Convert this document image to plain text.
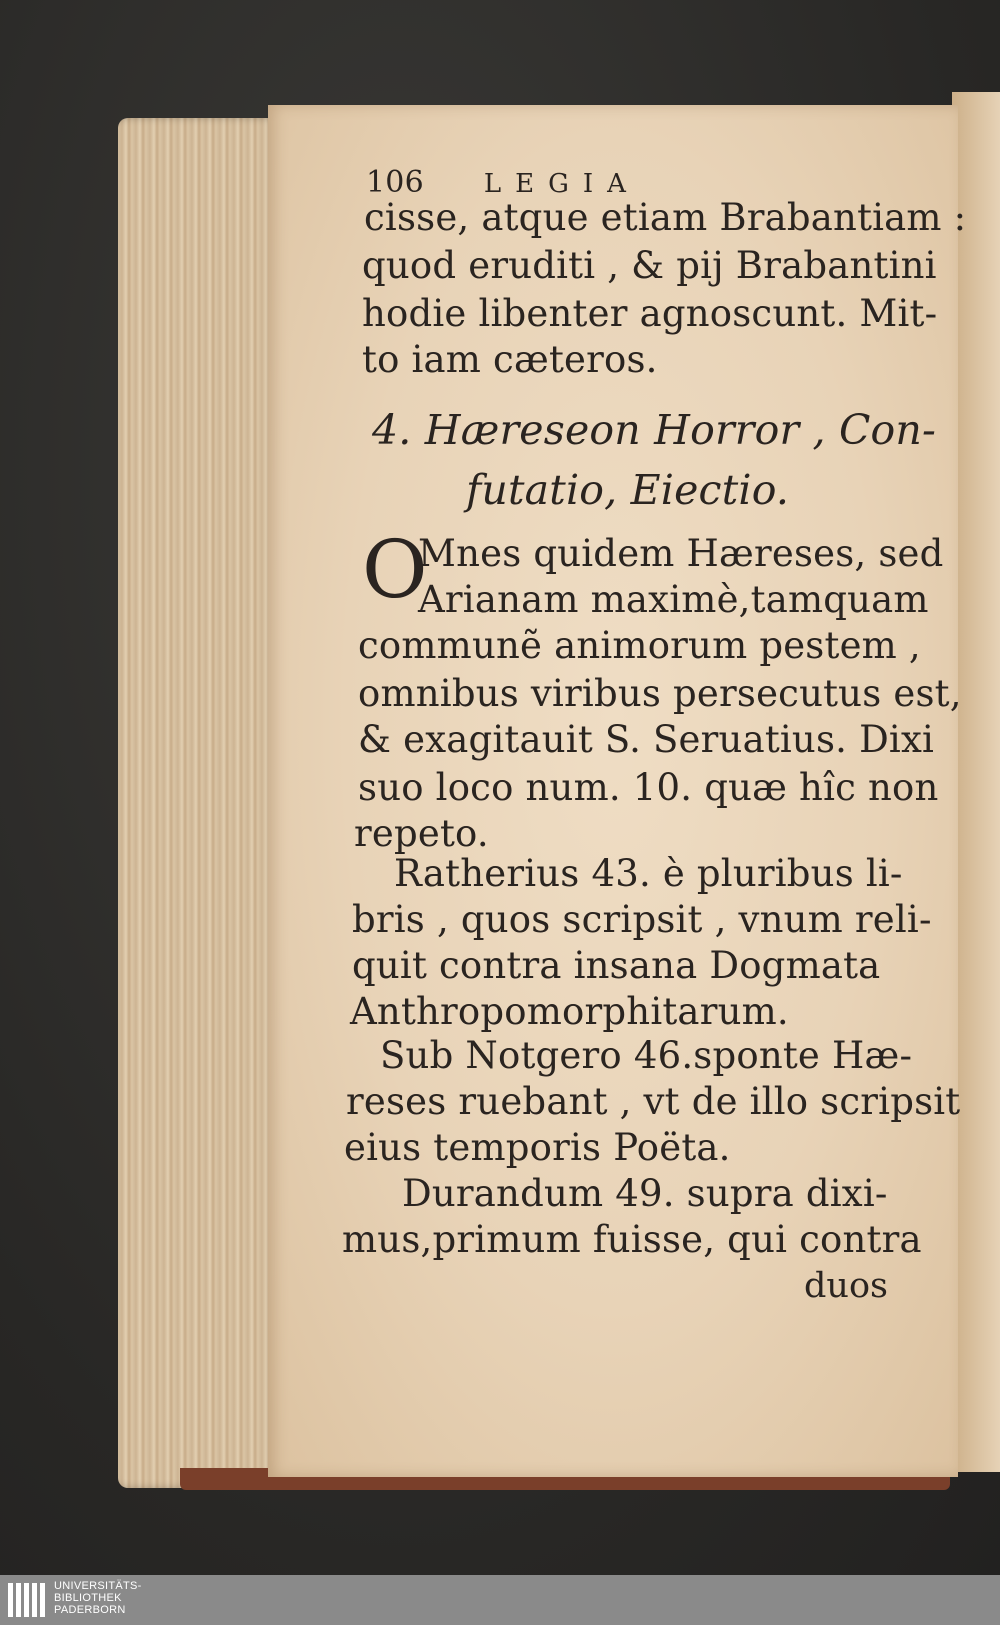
106 LEGIA
cisse, atque etiam Brabantiam :
quod eruditi , & pij Brabantini
hodie libenter agnoscunt. Mit-
to iam cæteros.
4. Hæreseon Horror , Con-
futatio, Eiectio.
O
Mnes quidem Hæreses, sed
Arianam maximè,tamquam
communẽ animorum pestem ,
omnibus viribus persecutus est,
& exagitauit S. Seruatius. Dixi
suo loco num. 10. quæ hîc non
repeto.
Ratherius 43. è pluribus li-
bris , quos scripsit , vnum reli-
quit contra insana Dogmata
Anthropomorphitarum.
Sub Notgero 46.sponte Hæ-
reses ruebant , vt de illo scripsit
eius temporis Poëta.
Durandum 49. supra dixi-
mus,primum fuisse, qui contra
duos
UNIVERSITÄTS-
BIBLIOTHEK
PADERBORN
